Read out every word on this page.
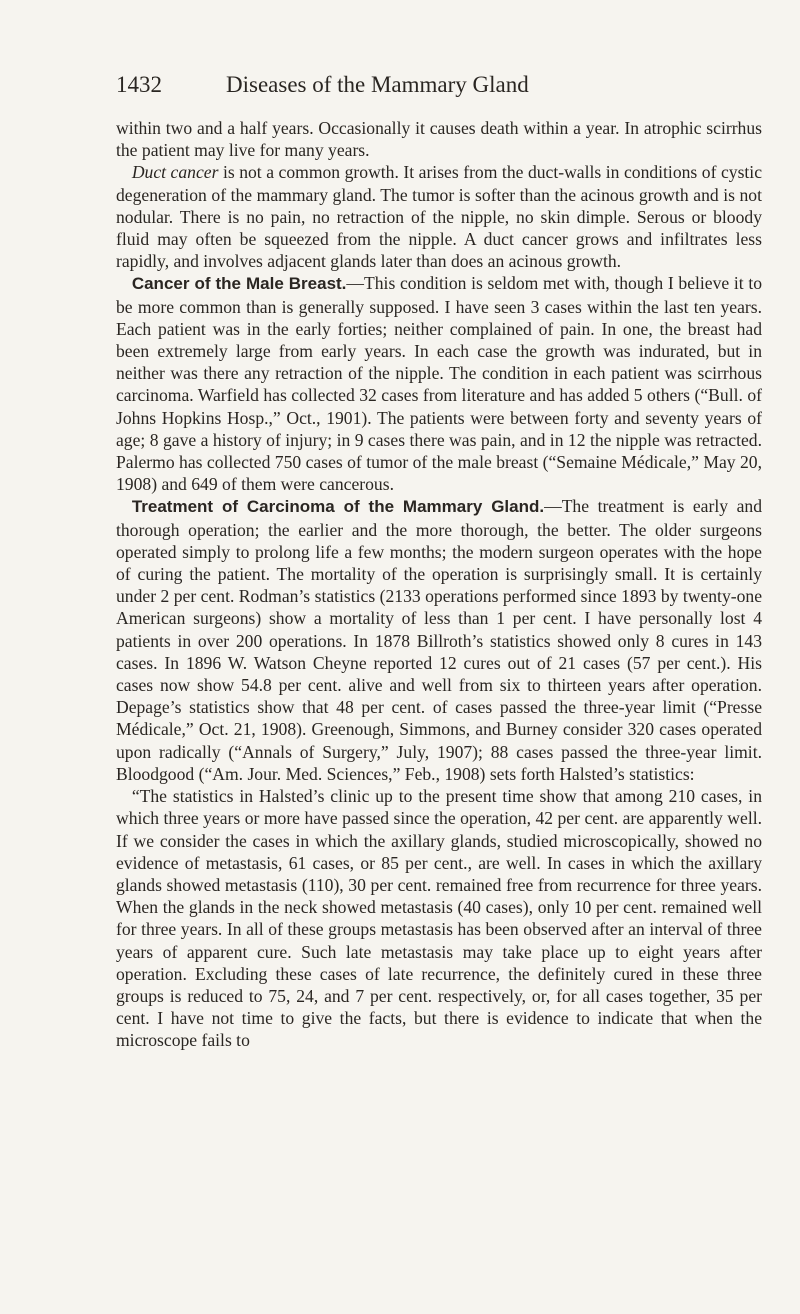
1432	Diseases of the Mammary Gland

within two and a half years. Occasionally it causes death within a year. In atrophic scirrhus the patient may live for many years.

Duct cancer is not a common growth. It arises from the duct-walls in conditions of cystic degeneration of the mammary gland. The tumor is softer than the acinous growth and is not nodular. There is no pain, no retraction of the nipple, no skin dimple. Serous or bloody fluid may often be squeezed from the nipple. A duct cancer grows and infiltrates less rapidly, and involves adjacent glands later than does an acinous growth.

Cancer of the Male Breast.—This condition is seldom met with, though I believe it to be more common than is generally supposed. I have seen 3 cases within the last ten years. Each patient was in the early forties; neither complained of pain. In one, the breast had been extremely large from early years. In each case the growth was indurated, but in neither was there any retraction of the nipple. The condition in each patient was scirrhous carcinoma. Warfield has collected 32 cases from literature and has added 5 others (“Bull. of Johns Hopkins Hosp.,” Oct., 1901). The patients were between forty and seventy years of age; 8 gave a history of injury; in 9 cases there was pain, and in 12 the nipple was retracted. Palermo has collected 750 cases of tumor of the male breast (“Semaine Médicale,” May 20, 1908) and 649 of them were cancerous.

Treatment of Carcinoma of the Mammary Gland.—The treatment is early and thorough operation; the earlier and the more thorough, the better. The older surgeons operated simply to prolong life a few months; the modern surgeon operates with the hope of curing the patient. The mortality of the operation is surprisingly small. It is certainly under 2 per cent. Rodman’s statistics (2133 operations performed since 1893 by twenty-one American surgeons) show a mortality of less than 1 per cent. I have personally lost 4 patients in over 200 operations. In 1878 Billroth’s statistics showed only 8 cures in 143 cases. In 1896 W. Watson Cheyne reported 12 cures out of 21 cases (57 per cent.). His cases now show 54.8 per cent. alive and well from six to thirteen years after operation. Depage’s statistics show that 48 per cent. of cases passed the three-year limit (“Presse Médicale,” Oct. 21, 1908). Greenough, Simmons, and Burney consider 320 cases operated upon radically (“Annals of Surgery,” July, 1907); 88 cases passed the three-year limit. Bloodgood (“Am. Jour. Med. Sciences,” Feb., 1908) sets forth Halsted’s statistics:

“The statistics in Halsted’s clinic up to the present time show that among 210 cases, in which three years or more have passed since the operation, 42 per cent. are apparently well. If we consider the cases in which the axillary glands, studied microscopically, showed no evidence of metastasis, 61 cases, or 85 per cent., are well. In cases in which the axillary glands showed metastasis (110), 30 per cent. remained free from recurrence for three years. When the glands in the neck showed metastasis (40 cases), only 10 per cent. remained well for three years. In all of these groups metastasis has been observed after an interval of three years of apparent cure. Such late metastasis may take place up to eight years after operation. Excluding these cases of late recurrence, the definitely cured in these three groups is reduced to 75, 24, and 7 per cent. respectively, or, for all cases together, 35 per cent. I have not time to give the facts, but there is evidence to indicate that when the microscope fails to
